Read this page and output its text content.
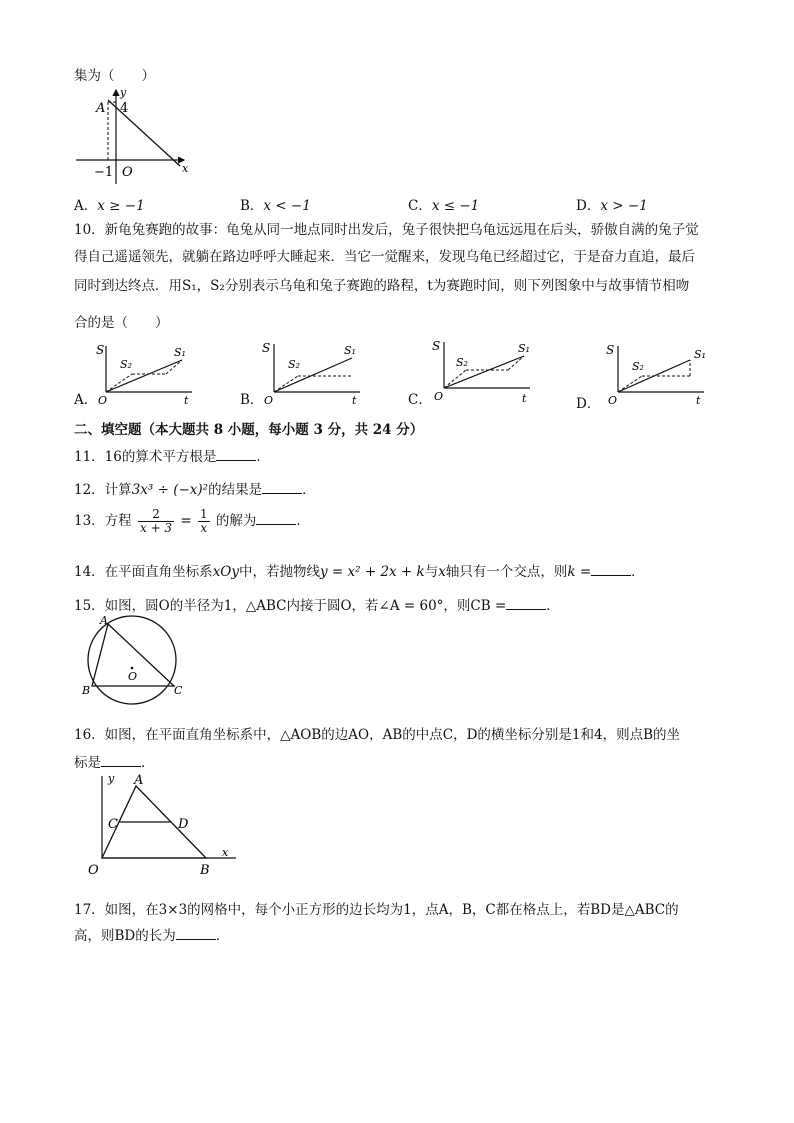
集为（　　）
y
x
A 4
−1 O
A．x ≥ −1	B．x < −1	C．x ≤ −1	D．x > −1
10．新龟兔赛跑的故事：龟兔从同一地点同时出发后，兔子很快把乌龟远远甩在后头，骄傲自满的兔子觉
得自己遥遥领先，就躺在路边呼呼大睡起来．当它一觉醒来，发现乌龟已经超过它，于是奋力直追，最后
同时到达终点．用S₁，S₂分别表示乌龟和兔子赛跑的路程，t为赛跑时间，则下列图象中与故事情节相吻
合的是（　　）
A．
S	S₁
S₂
t
O	B．
S	S₁
S₂
t
O	C．
S	S₁
S₂
t
O	D．
S	S₁
S₂
t
O
二、填空题（本大题共 8 小题，每小题 3 分，共 24 分）
11．16的算术平方根是	．
12．计算3x³ ÷ (−x)²的结果是	．
13．方程 $\frac{2}{x + 3} = \frac{1}{x}$ 的解为	．
14．在平面直角坐标系xOy中，若抛物线y = x² + 2x + k与x轴只有一个交点，则k =	．
15．如图，圆O的半径为1，△ABC内接于圆O，若∠A = 60°，则CB =	．
A
B	C
O
16．如图，在平面直角坐标系中，△AOB的边AO，AB的中点C，D的横坐标分别是1和4，则点B的坐
标是	．
y
x
A
C	D
B
O
17．如图，在3×3的网格中，每个小正方形的边长均为1，点A，B，C都在格点上，若BD是△ABC的
高，则BD的长为	．
